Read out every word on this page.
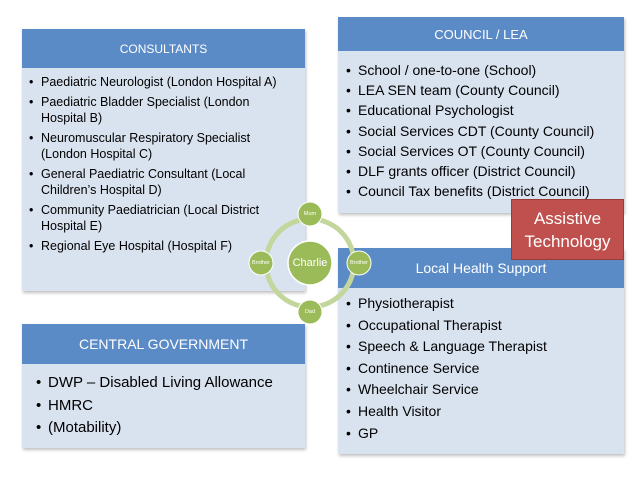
CONSULTANTS
• Paediatric Neurologist (London Hospital A)
• Paediatric Bladder Specialist (London Hospital B)
• Neuromuscular Respiratory Specialist (London Hospital C)
• General Paediatric Consultant (Local Children’s Hospital D)
• Community Paediatrician (Local District Hospital E)
• Regional Eye Hospital (Hospital F)
COUNCIL / LEA
• School / one-to-one (School)
• LEA SEN team (County Council)
• Educational Psychologist
• Social Services CDT (County Council)
• Social Services OT (County Council)
• DLF grants officer (District Council)
• Council Tax benefits (District Council)
Local Health Support
• Physiotherapist
• Occupational Therapist
• Speech & Language Therapist
• Continence Service
• Wheelchair Service
• Health Visitor
• GP
CENTRAL GOVERNMENT
• DWP – Disabled Living Allowance
• HMRC
• (Motability)
Mum
Brother	Brother
Dad
Charlie
Assistive
Technology
